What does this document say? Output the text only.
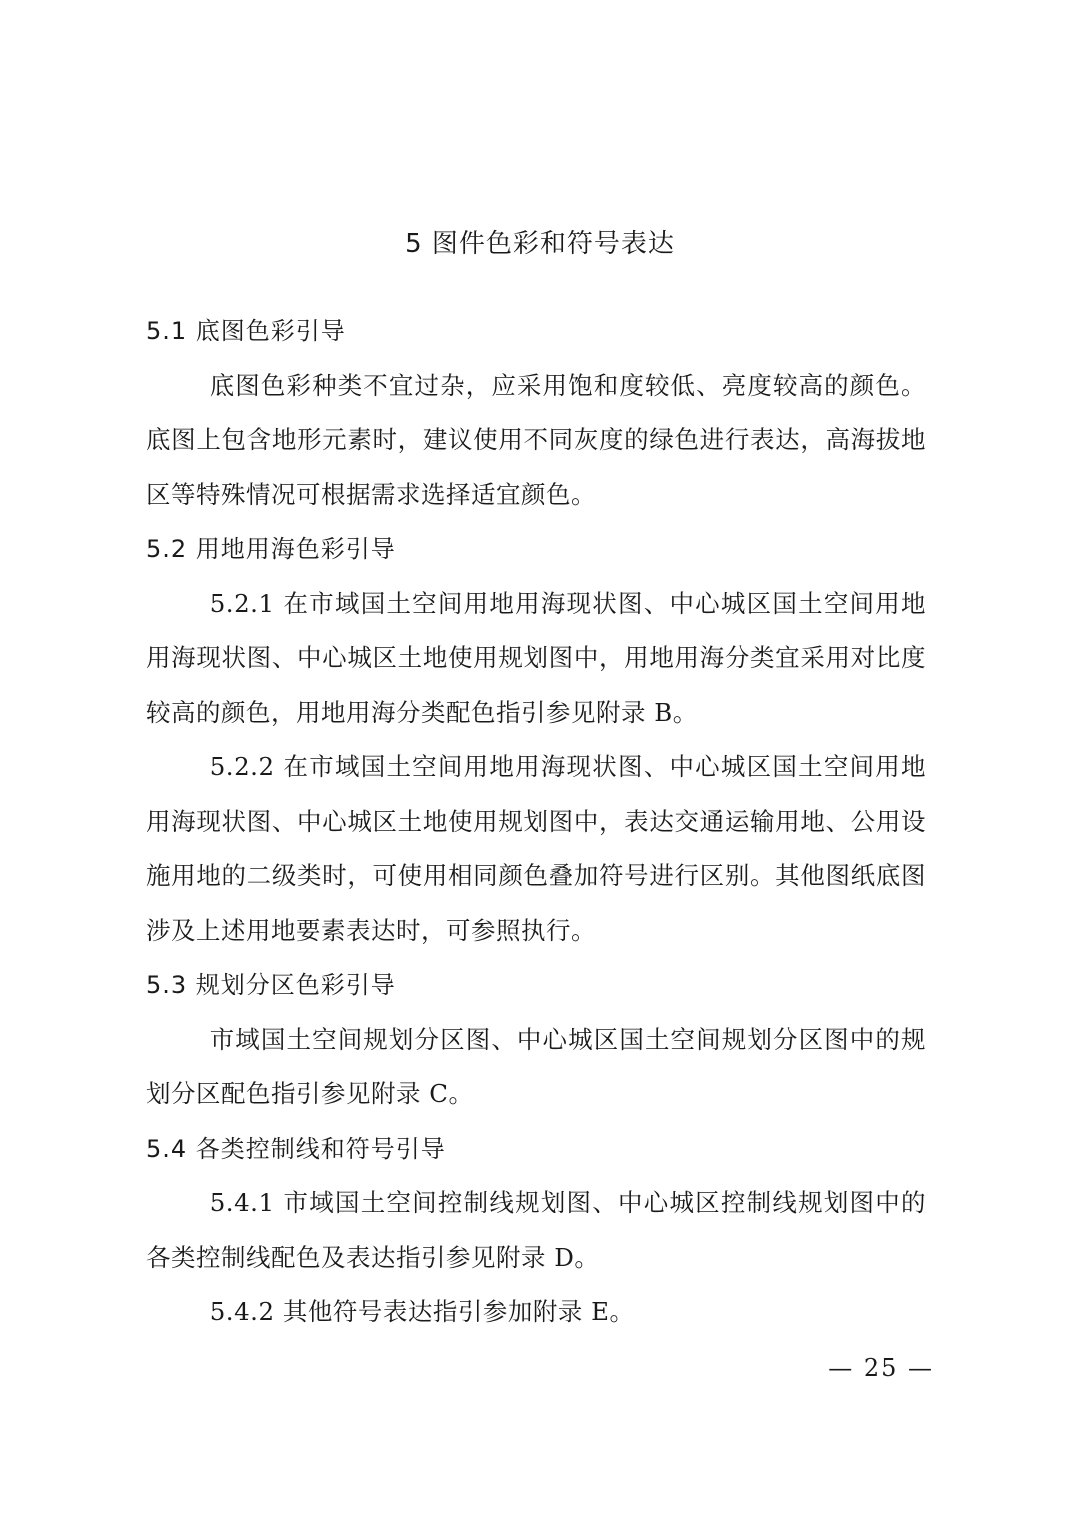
5 图件色彩和符号表达
5.1 底图色彩引导

底图色彩种类不宜过杂，应采用饱和度较低、亮度较高的颜色。底图上包含地形元素时，建议使用不同灰度的绿色进行表达，高海拔地区等特殊情况可根据需求选择适宜颜色。

5.2 用地用海色彩引导

5.2.1 在市域国土空间用地用海现状图、中心城区国土空间用地用海现状图、中心城区土地使用规划图中，用地用海分类宜采用对比度较高的颜色，用地用海分类配色指引参见附录 B。

5.2.2 在市域国土空间用地用海现状图、中心城区国土空间用地用海现状图、中心城区土地使用规划图中，表达交通运输用地、公用设施用地的二级类时，可使用相同颜色叠加符号进行区别。其他图纸底图涉及上述用地要素表达时，可参照执行。

5.3 规划分区色彩引导

市域国土空间规划分区图、中心城区国土空间规划分区图中的规划分区配色指引参见附录 C。

5.4 各类控制线和符号引导

5.4.1 市域国土空间控制线规划图、中心城区控制线规划图中的各类控制线配色及表达指引参见附录 D。

5.4.2 其他符号表达指引参加附录 E。

— 25 —
